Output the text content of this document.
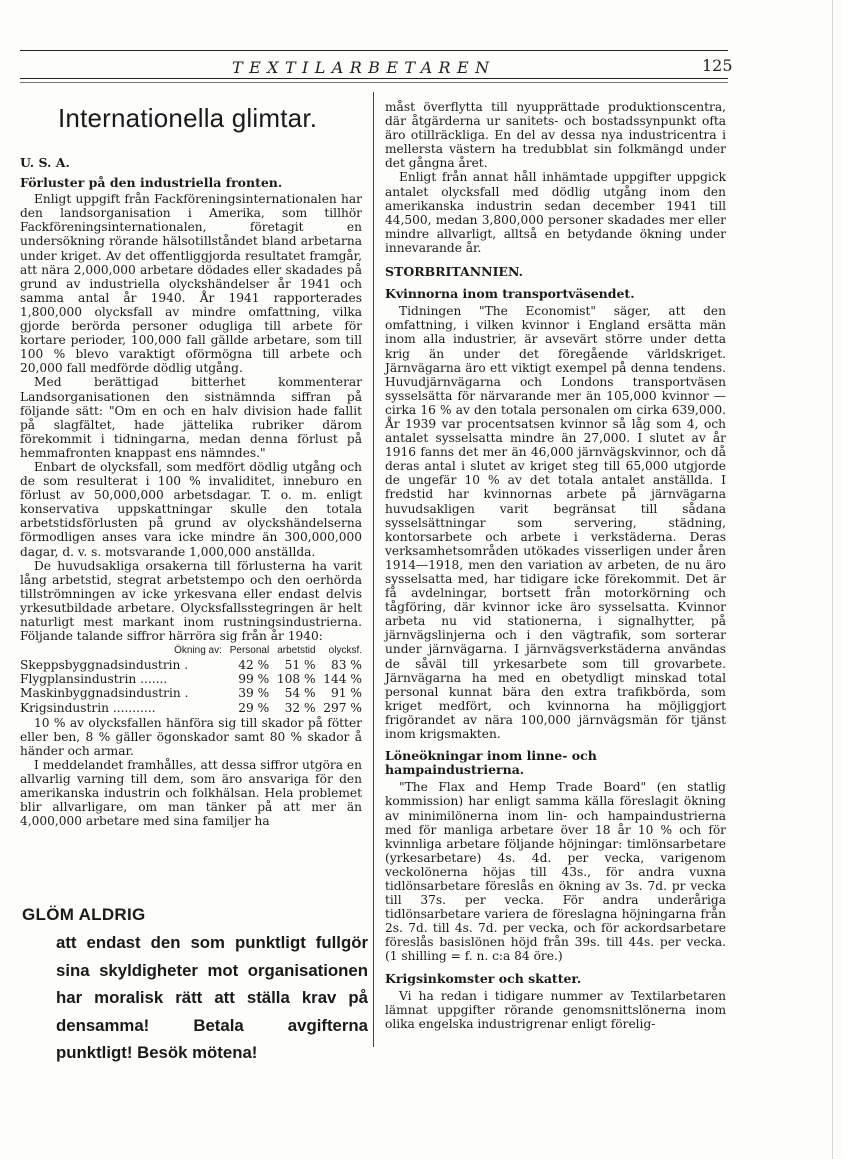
TEXTILARBETAREN	125
Internationella glimtar.
U. S. A.
Förluster på den industriella fronten.

Enligt uppgift från Fackföreningsinternationalen har den landsorganisation i Amerika, som tillhör Fackföreningsinternationalen, företagit en undersökning rörande hälsotillståndet bland arbetarna under kriget. Av det offentliggjorda resultatet framgår, att nära 2,000,000 arbetare dödades eller skadades på grund av industriella olyckshändelser år 1941 och samma antal år 1940. År 1941 rapporterades 1,800,000 olycksfall av mindre omfattning, vilka gjorde berörda personer odugliga till arbete för kortare perioder, 100,000 fall gällde arbetare, som till 100 % blevo varaktigt oförmögna till arbete och 20,000 fall medförde dödlig utgång.

Med berättigad bitterhet kommenterar Landsorganisationen den sistnämnda siffran på följande sätt: "Om en och en halv division hade fallit på slagfältet, hade jättelika rubriker därom förekommit i tidningarna, medan denna förlust på hemmafronten knappast ens nämndes."

Enbart de olycksfall, som medfört dödlig utgång och de som resulterat i 100 % invaliditet, inneburo en förlust av 50,000,000 arbetsdagar. T. o. m. enligt konservativa uppskattningar skulle den totala arbetstidsförlusten på grund av olyckshändelserna förmodligen anses vara icke mindre än 300,000,000 dagar, d. v. s. motsvarande 1,000,000 anställda.

De huvudsakliga orsakerna till förlusterna ha varit lång arbetstid, stegrat arbetstempo och den oerhörda tillströmningen av icke yrkesvana eller endast delvis yrkesutbildade arbetare. Olycksfallsstegringen är helt naturligt mest markant inom rustningsindustrierna. Följande talande siffror härröra sig från år 1940:

Ökning av:	Personal	arbetstid	olycksf.
Skeppsbyggnadsindustrin .	42 %	51 %	83 %
Flygplansindustrin .......	99 %	108 %	144 %
Maskinbyggnadsindustrin .	39 %	54 %	91 %
Krigsindustrin ...........	29 %	32 %	297 %

10 % av olycksfallen hänföra sig till skador på fötter eller ben, 8 % gäller ögonskador samt 80 % skador å händer och armar.

I meddelandet framhålles, att dessa siffror utgöra en allvarlig varning till dem, som äro ansvariga för den amerikanska industrin och folkhälsan. Hela problemet blir allvarligare, om man tänker på att mer än 4,000,000 arbetare med sina familjer ha

GLÖM ALDRIG
att endast den som punktligt fullgör sina skyldigheter mot organisationen har moralisk rätt att ställa krav på densamma! Betala avgifterna punktligt! Besök mötena!

måst överflytta till nyupprättade produktionscentra, där åtgärderna ur sanitets- och bostadssynpunkt ofta äro otillräckliga. En del av dessa nya industricentra i mellersta västern ha tredubblat sin folkmängd under det gångna året.

Enligt från annat håll inhämtade uppgifter uppgick antalet olycksfall med dödlig utgång inom den amerikanska industrin sedan december 1941 till 44,500, medan 3,800,000 personer skadades mer eller mindre allvarligt, alltså en betydande ökning under innevarande år.

STORBRITANNIEN.
Kvinnorna inom transportväsendet.

Tidningen "The Economist" säger, att den omfattning, i vilken kvinnor i England ersätta män inom alla industrier, är avsevärt större under detta krig än under det föregående världskriget. Järnvägarna äro ett viktigt exempel på denna tendens. Huvudjärnvägarna och Londons transportväsen sysselsätta för närvarande mer än 105,000 kvinnor — cirka 16 % av den totala personalen om cirka 639,000. År 1939 var procentsatsen kvinnor så låg som 4, och antalet sysselsatta mindre än 27,000. I slutet av år 1916 fanns det mer än 46,000 järnvägskvinnor, och då deras antal i slutet av kriget steg till 65,000 utgjorde de ungefär 10 % av det totala antalet anställda. I fredstid har kvinnornas arbete på järnvägarna huvudsakligen varit begränsat till sådana sysselsättningar som servering, städning, kontorsarbete och arbete i verkstäderna. Deras verksamhetsområden utökades visserligen under åren 1914—1918, men den variation av arbeten, de nu äro sysselsatta med, har tidigare icke förekommit. Det är få avdelningar, bortsett från motorkörning och tågföring, där kvinnor icke äro sysselsatta. Kvinnor arbeta nu vid stationerna, i signalhytter, på järnvägslinjerna och i den vägtrafik, som sorterar under järnvägarna. I järnvägsverkstäderna användas de såväl till yrkesarbete som till grovarbete. Järnvägarna ha med en obetydligt minskad total personal kunnat bära den extra trafikbörda, som kriget medfört, och kvinnorna ha möjliggjort frigörandet av nära 100,000 järnvägsmän för tjänst inom krigsmakten.

Löneökningar inom linne- och hampaindustrierna.

"The Flax and Hemp Trade Board" (en statlig kommission) har enligt samma källa föreslagit ökning av minimilönerna inom lin- och hampaindustrierna med för manliga arbetare över 18 år 10 % och för kvinnliga arbetare följande höjningar: timlönsarbetare (yrkesarbetare) 4s. 4d. per vecka, varigenom veckolönerna höjas till 43s., för andra vuxna tidlönsarbetare föreslås en ökning av 3s. 7d. pr vecka till 37s. per vecka. För andra underåriga tidlönsarbetare variera de föreslagna höjningarna från 2s. 7d. till 4s. 7d. per vecka, och för ackordsarbetare föreslås basislönen höjd från 39s. till 44s. per vecka. (1 shilling = f. n. c:a 84 öre.)

Krigsinkomster och skatter.

Vi ha redan i tidigare nummer av Textilarbetaren lämnat uppgifter rörande genomsnittslönerna inom olika engelska industrigrenar enligt förelig-
